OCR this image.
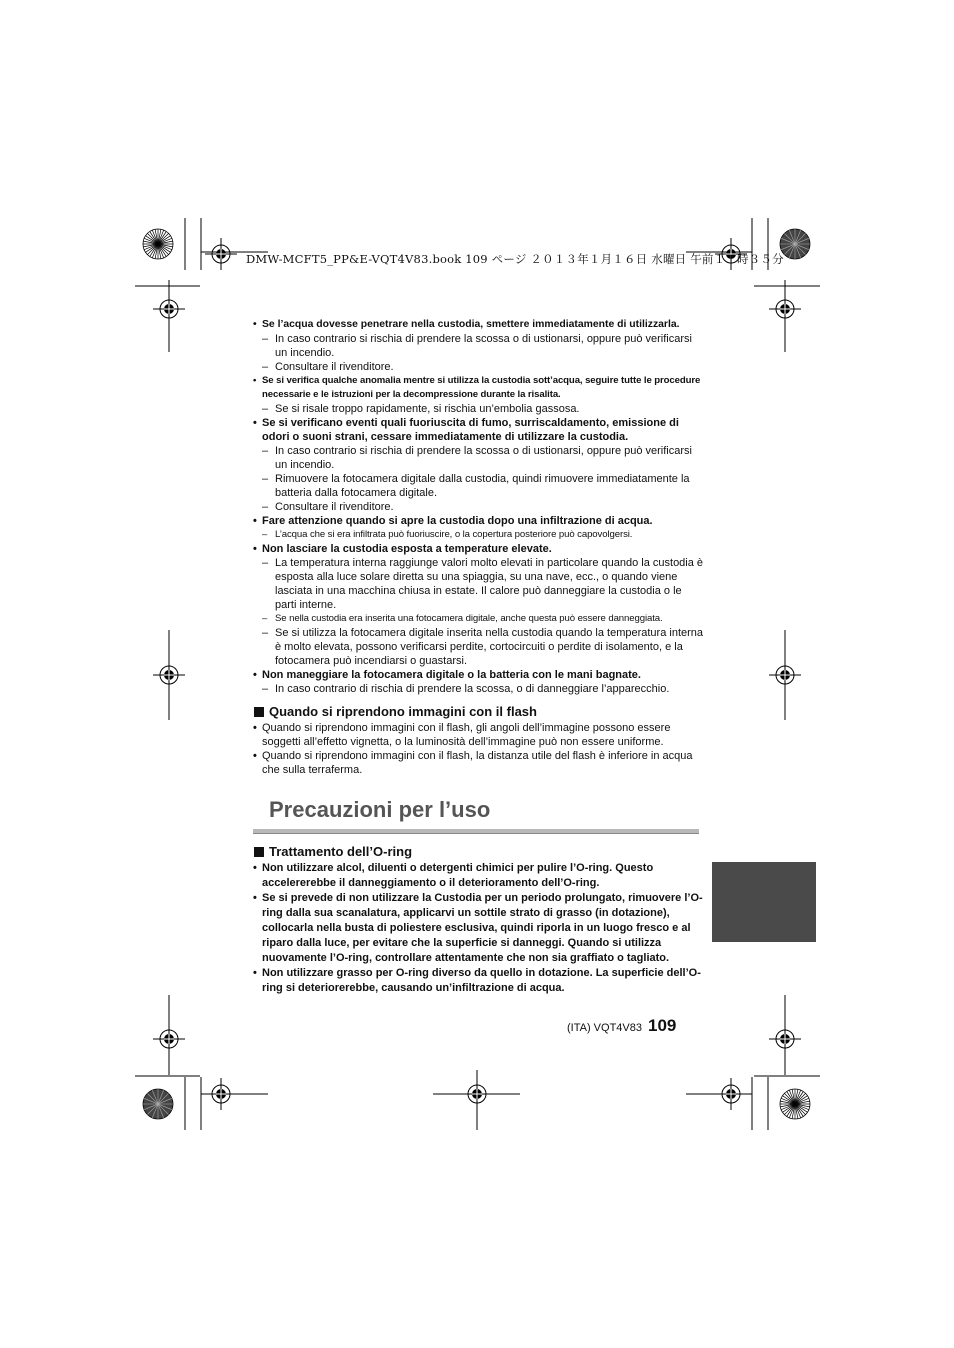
DMW-MCFT5_PP&E-VQT4V83.book 109 ページ ２０１３年１月１６日 水曜日 午前１１時３５分
• Se l’acqua dovesse penetrare nella custodia, smettere immediatamente di utilizzarla.
– In caso contrario si rischia di prendere la scossa o di ustionarsi, oppure può verificarsi un incendio.
– Consultare il rivenditore.
• Se si verifica qualche anomalia mentre si utilizza la custodia sott’acqua, seguire tutte le procedure necessarie e le istruzioni per la decompressione durante la risalita.
– Se si risale troppo rapidamente, si rischia un’embolia gassosa.
• Se si verificano eventi quali fuoriuscita di fumo, surriscaldamento, emissione di odori o suoni strani, cessare immediatamente di utilizzare la custodia.
– In caso contrario si rischia di prendere la scossa o di ustionarsi, oppure può verificarsi un incendio.
– Rimuovere la fotocamera digitale dalla custodia, quindi rimuovere immediatamente la batteria dalla fotocamera digitale.
– Consultare il rivenditore.
• Fare attenzione quando si apre la custodia dopo una infiltrazione di acqua.
– L’acqua che si era infiltrata può fuoriuscire, o la copertura posteriore può capovolgersi.
• Non lasciare la custodia esposta a temperature elevate.
– La temperatura interna raggiunge valori molto elevati in particolare quando la custodia è esposta alla luce solare diretta su una spiaggia, su una nave, ecc., o quando viene lasciata in una macchina chiusa in estate. Il calore può danneggiare la custodia o le parti interne.
– Se nella custodia era inserita una fotocamera digitale, anche questa può essere danneggiata.
– Se si utilizza la fotocamera digitale inserita nella custodia quando la temperatura interna è molto elevata, possono verificarsi perdite, cortocircuiti o perdite di isolamento, e la fotocamera può incendiarsi o guastarsi.
• Non maneggiare la fotocamera digitale o la batteria con le mani bagnate.
– In caso contrario di rischia di prendere la scossa, o di danneggiare l’apparecchio.
Quando si riprendono immagini con il flash
• Quando si riprendono immagini con il flash, gli angoli dell’immagine possono essere soggetti all’effetto vignetta, o la luminosità dell’immagine può non essere uniforme.
• Quando si riprendono immagini con il flash, la distanza utile del flash è inferiore in acqua che sulla terraferma.
Precauzioni per l’uso
Trattamento dell’O-ring
• Non utilizzare alcol, diluenti o detergenti chimici per pulire l’O-ring. Questo accelererebbe il danneggiamento o il deterioramento dell’O-ring.
• Se si prevede di non utilizzare la Custodia per un periodo prolungato, rimuovere l’O-ring dalla sua scanalatura, applicarvi un sottile strato di grasso (in dotazione), collocarla nella busta di poliestere esclusiva, quindi riporla in un luogo fresco e al riparo dalla luce, per evitare che la superficie si danneggi. Quando si utilizza nuovamente l’O-ring, controllare attentamente che non sia graffiato o tagliato.
• Non utilizzare grasso per O-ring diverso da quello in dotazione. La superficie dell’O-ring si deteriorerebbe, causando un’infiltrazione di acqua.
(ITA) VQT4V83 109
